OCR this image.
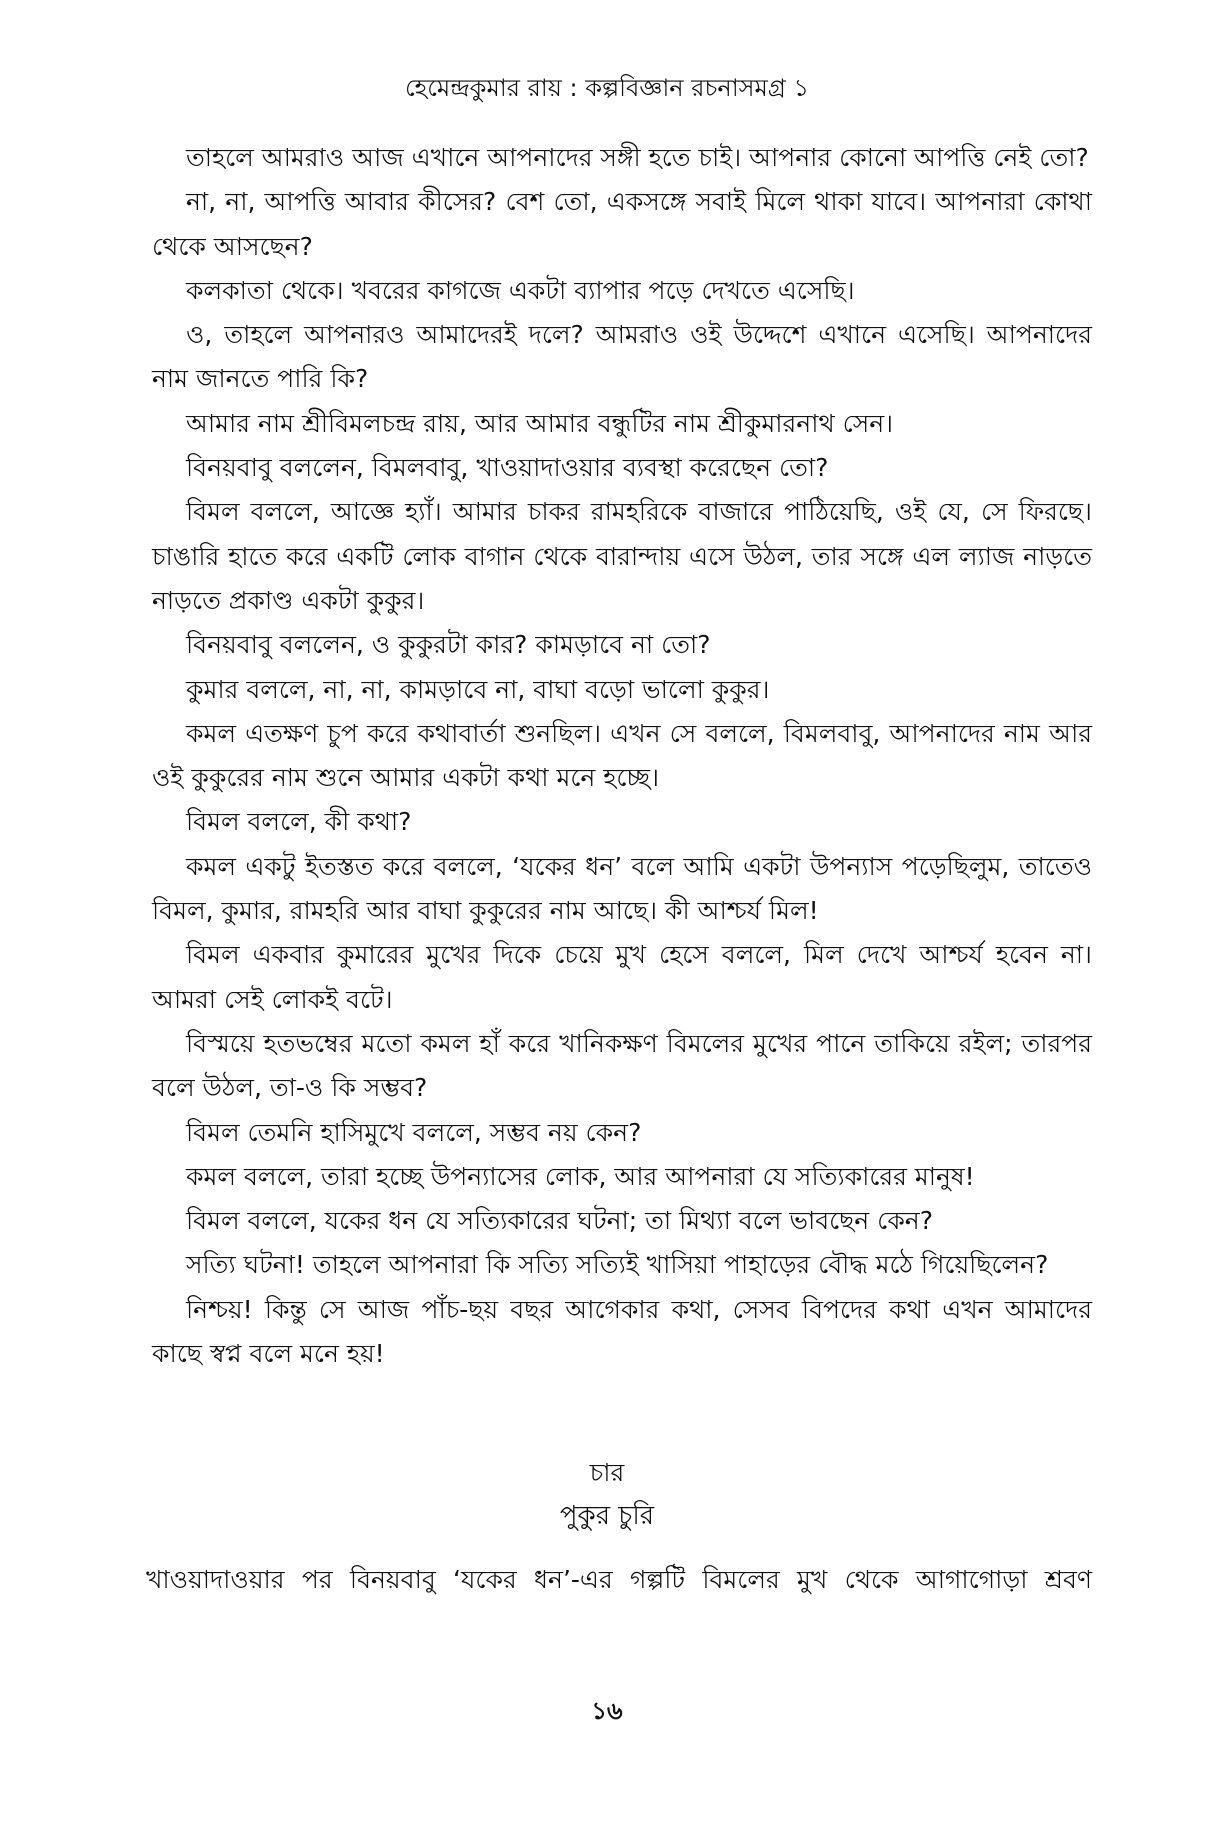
হেমেন্দ্রকুমার রায় : কল্পবিজ্ঞান রচনাসমগ্র ১

তাহলে আমরাও আজ এখানে আপনাদের সঙ্গী হতে চাই। আপনার কোনো আপত্তি নেই তো?

না, না, আপত্তি আবার কীসের? বেশ তো, একসঙ্গে সবাই মিলে থাকা যাবে। আপনারা কোথা থেকে আসছেন?

কলকাতা থেকে। খবরের কাগজে একটা ব্যাপার পড়ে দেখতে এসেছি।

ও, তাহলে আপনারও আমাদেরই দলে? আমরাও ওই উদ্দেশে এখানে এসেছি। আপনাদের নাম জানতে পারি কি?

আমার নাম শ্রীবিমলচন্দ্র রায়, আর আমার বন্ধুটির নাম শ্রীকুমারনাথ সেন।

বিনয়বাবু বললেন, বিমলবাবু, খাওয়াদাওয়ার ব্যবস্থা করেছেন তো?

বিমল বললে, আজ্ঞে হ্যাঁ। আমার চাকর রামহরিকে বাজারে পাঠিয়েছি, ওই যে, সে ফিরছে। চাঙারি হাতে করে একটি লোক বাগান থেকে বারান্দায় এসে উঠল, তার সঙ্গে এল ল্যাজ নাড়তে নাড়তে প্রকাণ্ড একটা কুকুর।

বিনয়বাবু বললেন, ও কুকুরটা কার? কামড়াবে না তো?

কুমার বললে, না, না, কামড়াবে না, বাঘা বড়ো ভালো কুকুর।

কমল এতক্ষণ চুপ করে কথাবার্তা শুনছিল। এখন সে বললে, বিমলবাবু, আপনাদের নাম আর ওই কুকুরের নাম শুনে আমার একটা কথা মনে হচ্ছে।

বিমল বললে, কী কথা?

কমল একটু ইতস্তত করে বললে, ‘যকের ধন’ বলে আমি একটা উপন্যাস পড়েছিলুম, তাতেও বিমল, কুমার, রামহরি আর বাঘা কুকুরের নাম আছে। কী আশ্চর্য মিল!

বিমল একবার কুমারের মুখের দিকে চেয়ে মুখ হেসে বললে, মিল দেখে আশ্চর্য হবেন না। আমরা সেই লোকই বটে।

বিস্ময়ে হতভম্বের মতো কমল হাঁ করে খানিকক্ষণ বিমলের মুখের পানে তাকিয়ে রইল; তারপর বলে উঠল, তা-ও কি সম্ভব?

বিমল তেমনি হাসিমুখে বললে, সম্ভব নয় কেন?

কমল বললে, তারা হচ্ছে উপন্যাসের লোক, আর আপনারা যে সত্যিকারের মানুষ!

বিমল বললে, যকের ধন যে সত্যিকারের ঘটনা; তা মিথ্যা বলে ভাবছেন কেন?

সত্যি ঘটনা! তাহলে আপনারা কি সত্যি সত্যিই খাসিয়া পাহাড়ের বৌদ্ধ মঠে গিয়েছিলেন?

নিশ্চয়! কিন্তু সে আজ পাঁচ-ছয় বছর আগেকার কথা, সেসব বিপদের কথা এখন আমাদের কাছে স্বপ্ন বলে মনে হয়!

চার
পুকুর চুরি

খাওয়াদাওয়ার পর বিনয়বাবু ‘যকের ধন’-এর গল্পটি বিমলের মুখ থেকে আগাগোড়া শ্রবণ

১৬
